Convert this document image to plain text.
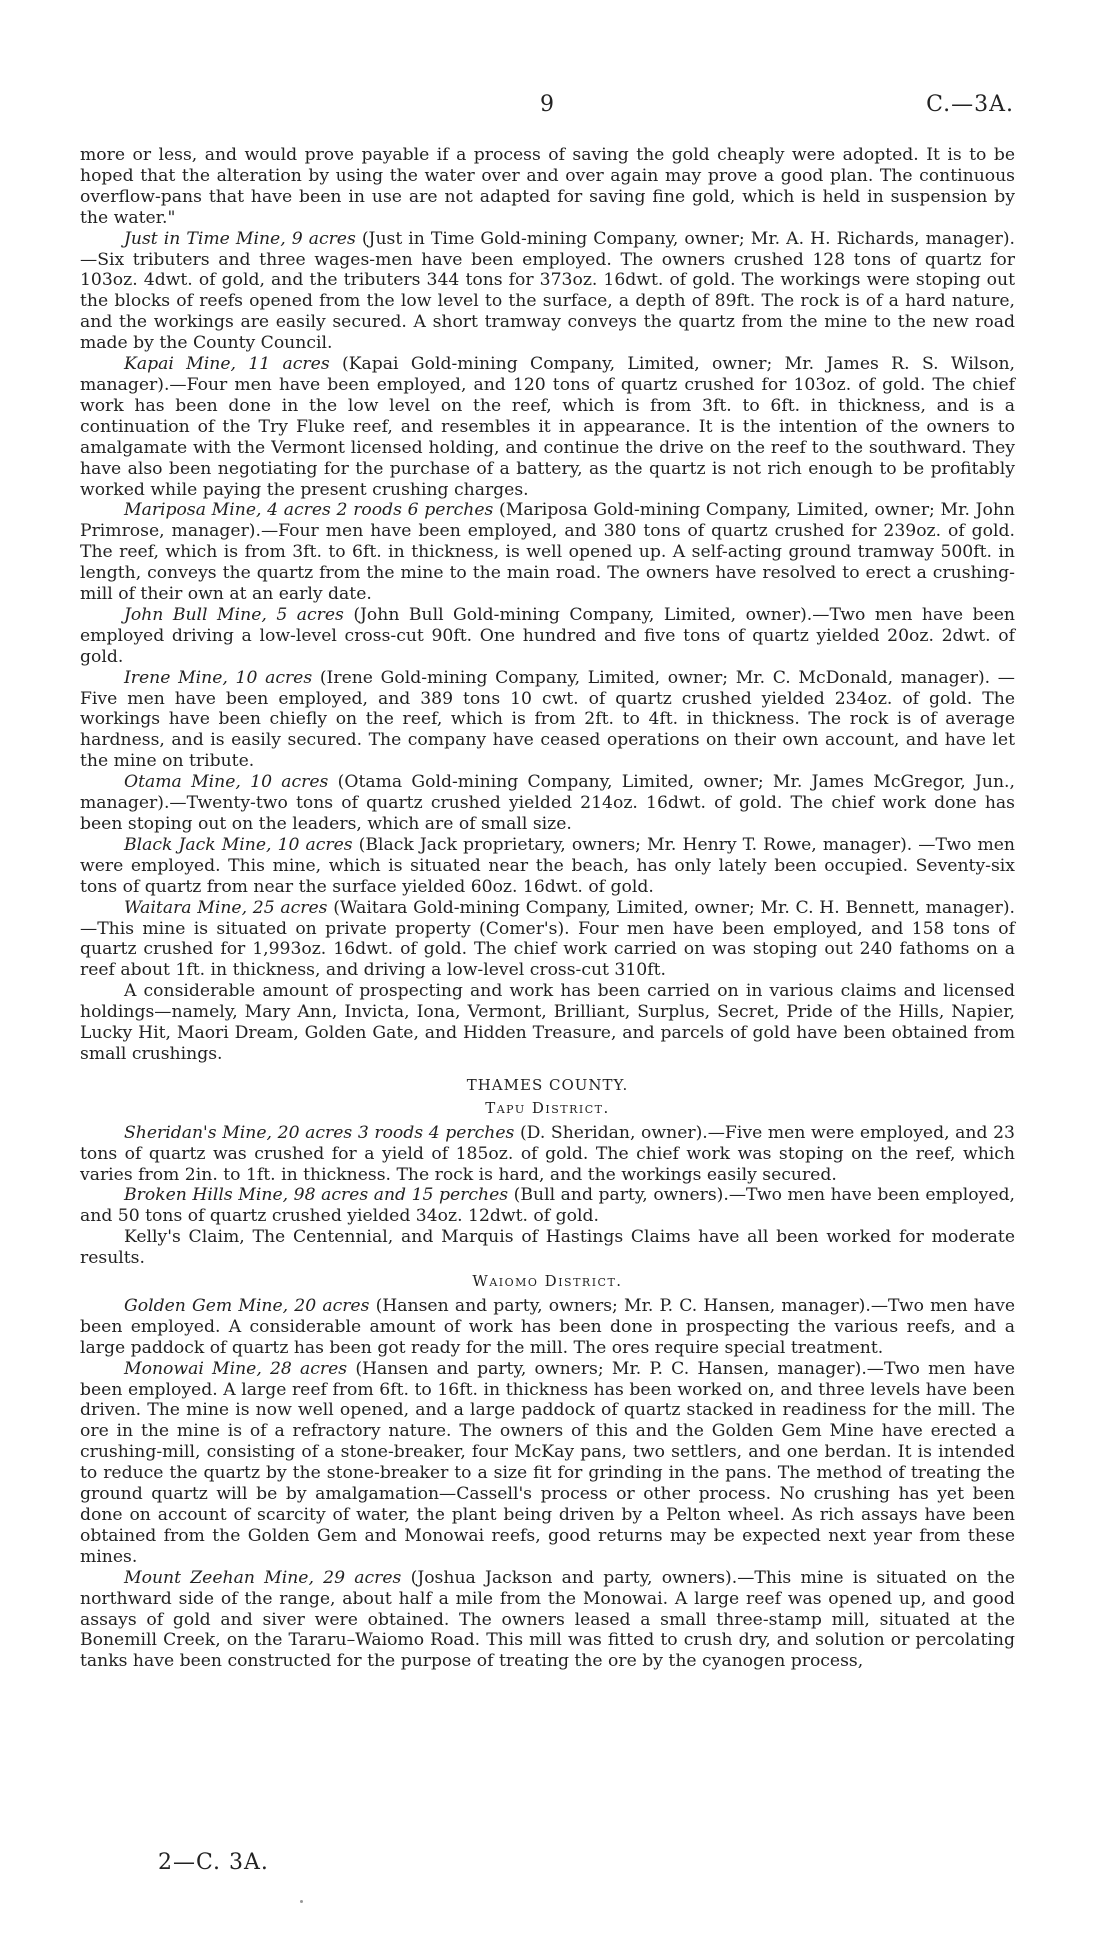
9	C.—3A.

more or less, and would prove payable if a process of saving the gold cheaply were adopted. It is to be hoped that the alteration by using the water over and over again may prove a good plan. The continuous overflow-pans that have been in use are not adapted for saving fine gold, which is held in suspension by the water."

Just in Time Mine, 9 acres (Just in Time Gold-mining Company, owner; Mr. A. H. Richards, manager).—Six tributers and three wages-men have been employed. The owners crushed 128 tons of quartz for 103oz. 4dwt. of gold, and the tributers 344 tons for 373oz. 16dwt. of gold. The workings were stoping out the blocks of reefs opened from the low level to the surface, a depth of 89ft. The rock is of a hard nature, and the workings are easily secured. A short tramway conveys the quartz from the mine to the new road made by the County Council.

Kapai Mine, 11 acres (Kapai Gold-mining Company, Limited, owner; Mr. James R. S. Wilson, manager).—Four men have been employed, and 120 tons of quartz crushed for 103oz. of gold. The chief work has been done in the low level on the reef, which is from 3ft. to 6ft. in thickness, and is a continuation of the Try Fluke reef, and resembles it in appearance. It is the intention of the owners to amalgamate with the Vermont licensed holding, and continue the drive on the reef to the southward. They have also been negotiating for the purchase of a battery, as the quartz is not rich enough to be profitably worked while paying the present crushing charges.

Mariposa Mine, 4 acres 2 roods 6 perches (Mariposa Gold-mining Company, Limited, owner; Mr. John Primrose, manager).—Four men have been employed, and 380 tons of quartz crushed for 239oz. of gold. The reef, which is from 3ft. to 6ft. in thickness, is well opened up. A self-acting ground tramway 500ft. in length, conveys the quartz from the mine to the main road. The owners have resolved to erect a crushing-mill of their own at an early date.

John Bull Mine, 5 acres (John Bull Gold-mining Company, Limited, owner).—Two men have been employed driving a low-level cross-cut 90ft. One hundred and five tons of quartz yielded 20oz. 2dwt. of gold.

Irene Mine, 10 acres (Irene Gold-mining Company, Limited, owner; Mr. C. McDonald, manager). —Five men have been employed, and 389 tons 10 cwt. of quartz crushed yielded 234oz. of gold. The workings have been chiefly on the reef, which is from 2ft. to 4ft. in thickness. The rock is of average hardness, and is easily secured. The company have ceased operations on their own account, and have let the mine on tribute.

Otama Mine, 10 acres (Otama Gold-mining Company, Limited, owner; Mr. James McGregor, Jun., manager).—Twenty-two tons of quartz crushed yielded 214oz. 16dwt. of gold. The chief work done has been stoping out on the leaders, which are of small size.

Black Jack Mine, 10 acres (Black Jack proprietary, owners; Mr. Henry T. Rowe, manager). —Two men were employed. This mine, which is situated near the beach, has only lately been occupied. Seventy-six tons of quartz from near the surface yielded 60oz. 16dwt. of gold.

Waitara Mine, 25 acres (Waitara Gold-mining Company, Limited, owner; Mr. C. H. Bennett, manager).—This mine is situated on private property (Comer's). Four men have been employed, and 158 tons of quartz crushed for 1,993oz. 16dwt. of gold. The chief work carried on was stoping out 240 fathoms on a reef about 1ft. in thickness, and driving a low-level cross-cut 310ft.

A considerable amount of prospecting and work has been carried on in various claims and licensed holdings—namely, Mary Ann, Invicta, Iona, Vermont, Brilliant, Surplus, Secret, Pride of the Hills, Napier, Lucky Hit, Maori Dream, Golden Gate, and Hidden Treasure, and parcels of gold have been obtained from small crushings.

THAMES COUNTY.
Tapu District.

Sheridan's Mine, 20 acres 3 roods 4 perches (D. Sheridan, owner).—Five men were employed, and 23 tons of quartz was crushed for a yield of 185oz. of gold. The chief work was stoping on the reef, which varies from 2in. to 1ft. in thickness. The rock is hard, and the workings easily secured.

Broken Hills Mine, 98 acres and 15 perches (Bull and party, owners).—Two men have been employed, and 50 tons of quartz crushed yielded 34oz. 12dwt. of gold.

Kelly's Claim, The Centennial, and Marquis of Hastings Claims have all been worked for moderate results.

Waiomo District.

Golden Gem Mine, 20 acres (Hansen and party, owners; Mr. P. C. Hansen, manager).—Two men have been employed. A considerable amount of work has been done in prospecting the various reefs, and a large paddock of quartz has been got ready for the mill. The ores require special treatment.

Monowai Mine, 28 acres (Hansen and party, owners; Mr. P. C. Hansen, manager).—Two men have been employed. A large reef from 6ft. to 16ft. in thickness has been worked on, and three levels have been driven. The mine is now well opened, and a large paddock of quartz stacked in readiness for the mill. The ore in the mine is of a refractory nature. The owners of this and the Golden Gem Mine have erected a crushing-mill, consisting of a stone-breaker, four McKay pans, two settlers, and one berdan. It is intended to reduce the quartz by the stone-breaker to a size fit for grinding in the pans. The method of treating the ground quartz will be by amalgamation—Cassell's process or other process. No crushing has yet been done on account of scarcity of water, the plant being driven by a Pelton wheel. As rich assays have been obtained from the Golden Gem and Monowai reefs, good returns may be expected next year from these mines.

Mount Zeehan Mine, 29 acres (Joshua Jackson and party, owners).—This mine is situated on the northward side of the range, about half a mile from the Monowai. A large reef was opened up, and good assays of gold and siver were obtained. The owners leased a small three-stamp mill, situated at the Bonemill Creek, on the Tararu–Waiomo Road. This mill was fitted to crush dry, and solution or percolating tanks have been constructed for the purpose of treating the ore by the cyanogen process,

2—C. 3A.
